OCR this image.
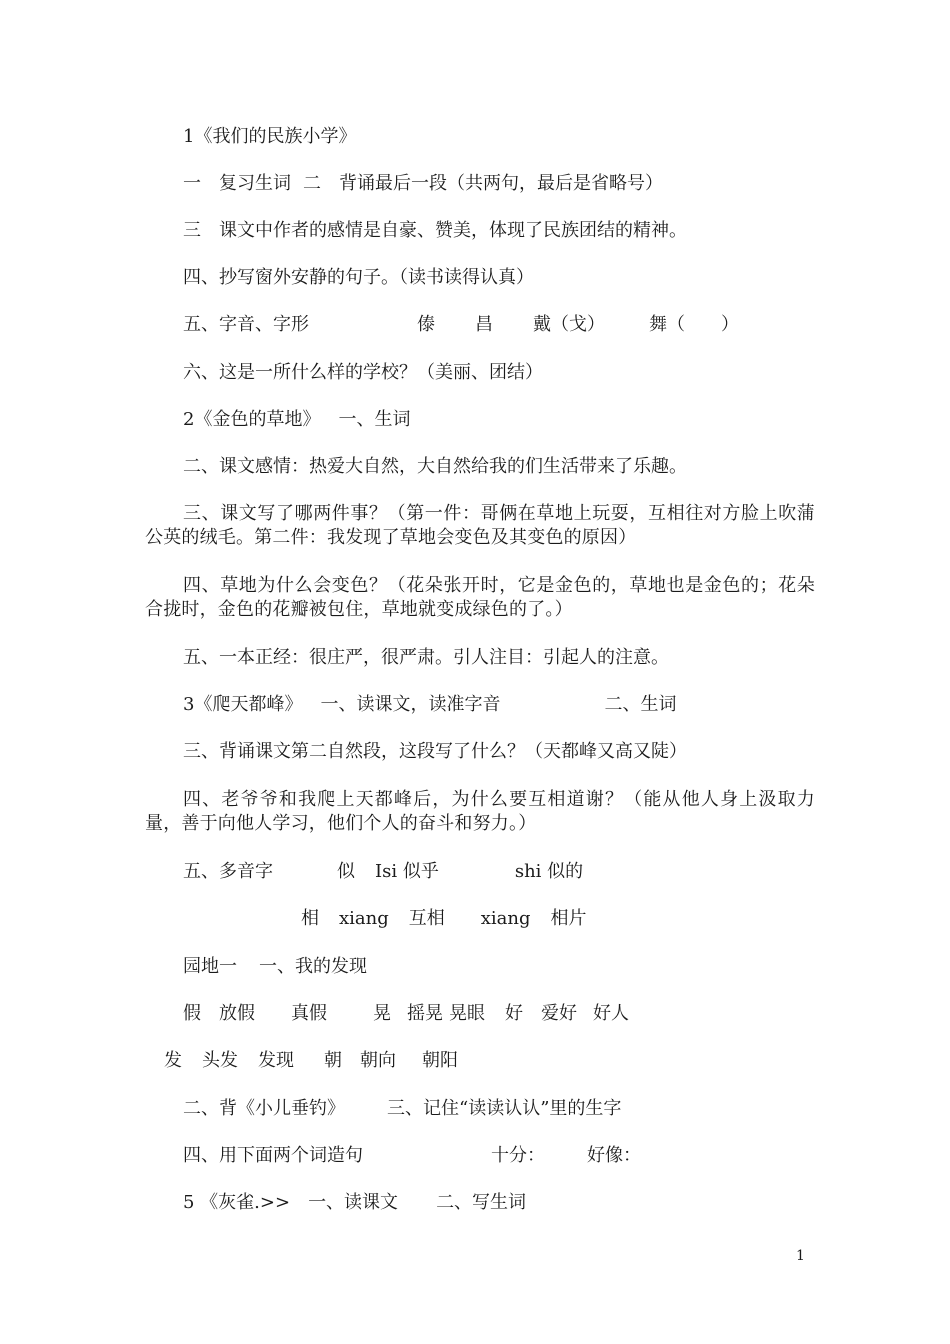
1《我们的民族小学》
一　复习生词 二　背诵最后一段（共两句，最后是省略号）
三　课文中作者的感情是自豪、赞美，体现了民族团结的精神。
四、抄写窗外安静的句子。（读书读得认真）
五、字音、字形	傣 昌 戴（戈） 舞（　　）
六、这是一所什么样的学校？（美丽、团结）
2《金色的草地》 一、生词
二、课文感情：热爱大自然，大自然给我的们生活带来了乐趣。
三、课文写了哪两件事？（第一件：哥俩在草地上玩耍，互相往对方脸上吹蒲公英的绒毛。第二件：我发现了草地会变色及其变色的原因）
四、草地为什么会变色？（花朵张开时，它是金色的，草地也是金色的；花朵合拢时，金色的花瓣被包住，草地就变成绿色的了。）
五、一本正经：很庄严，很严肃。引人注目：引起人的注意。
3《爬天都峰》 一、读课文，读准字音	二、生词
三、背诵课文第二自然段，这段写了什么？（天都峰又高又陡）
四、老爷爷和我爬上天都峰后，为什么要互相道谢？（能从他人身上汲取力量，善于向他人学习，他们个人的奋斗和努力。）
五、多音字	似 Isi 似乎	shi 似的
相 xiang 互相 xiang 相片
园地一 一、我的发现
假 放假 真假	晃 摇晃 晃眼 好 爱好 好人
发 头发 发现 朝 朝向 朝阳
二、背《小儿垂钓》 三、记住“读读认认”里的生字
四、用下面两个词造句	十分： 好像：
5 《灰雀.>> 一、读课文 二、写生词
1
